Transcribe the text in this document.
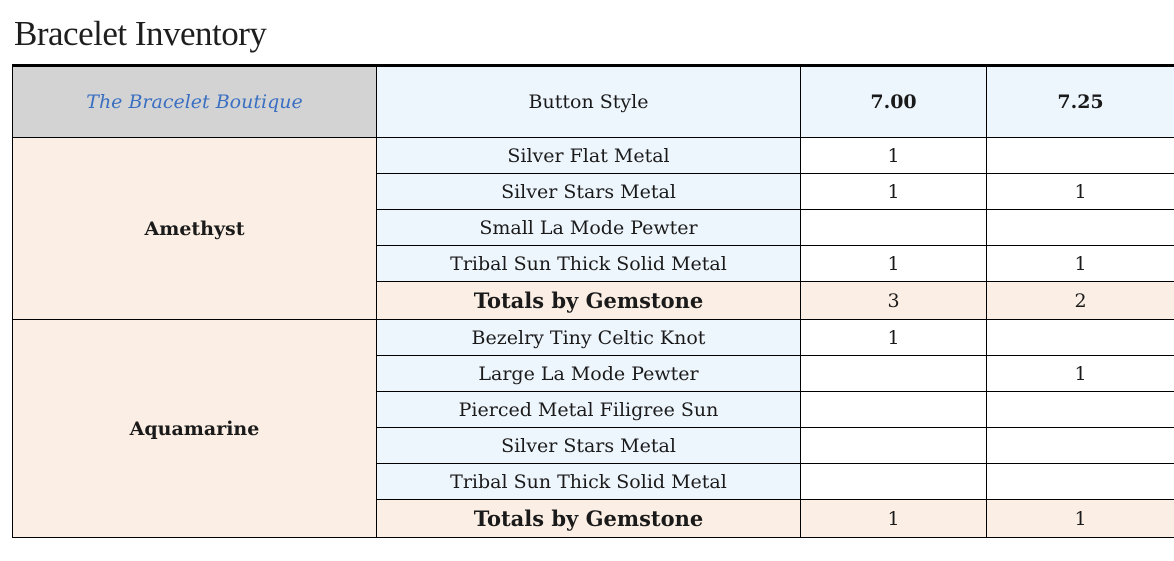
Bracelet Inventory
The Bracelet Boutique	Button Style	7.00	7.25
Amethyst	Silver Flat Metal	1	
	Silver Stars Metal	1	1
	Small La Mode Pewter		
	Tribal Sun Thick Solid Metal	1	1
	Totals by Gemstone	3	2
Aquamarine	Bezelry Tiny Celtic Knot	1	
	Large La Mode Pewter		1
	Pierced Metal Filigree Sun		
	Silver Stars Metal		
	Tribal Sun Thick Solid Metal		
	Totals by Gemstone	1	1
